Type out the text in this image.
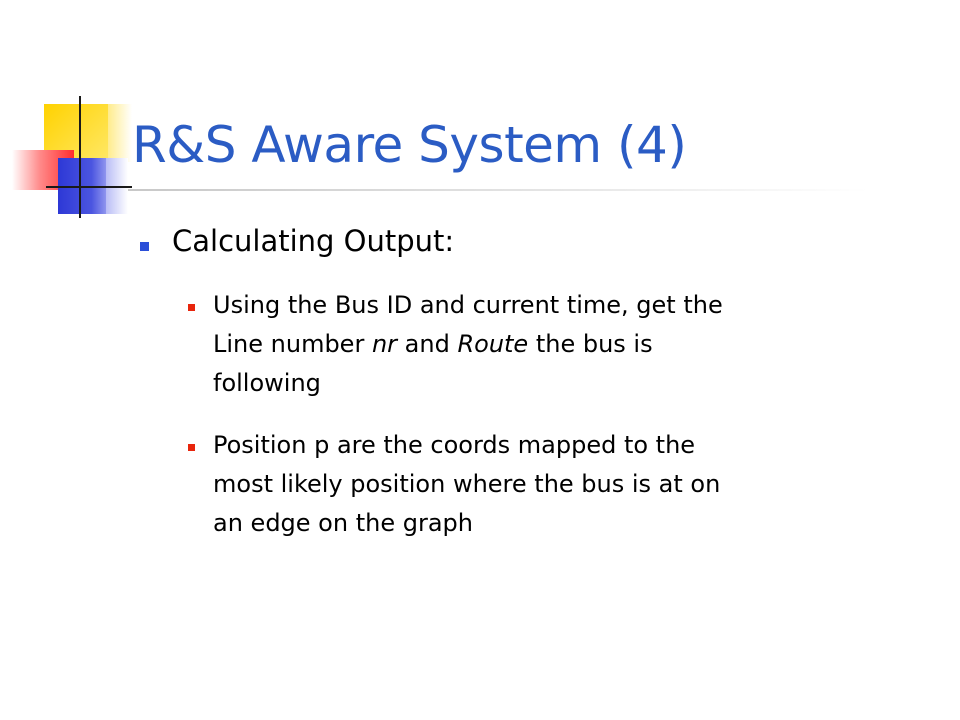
R&S Aware System (4)
Calculating Output:
Using the Bus ID and current time, get the
Line number nr and Route the bus is
following
Position p are the coords mapped to the
most likely position where the bus is at on
an edge on the graph
